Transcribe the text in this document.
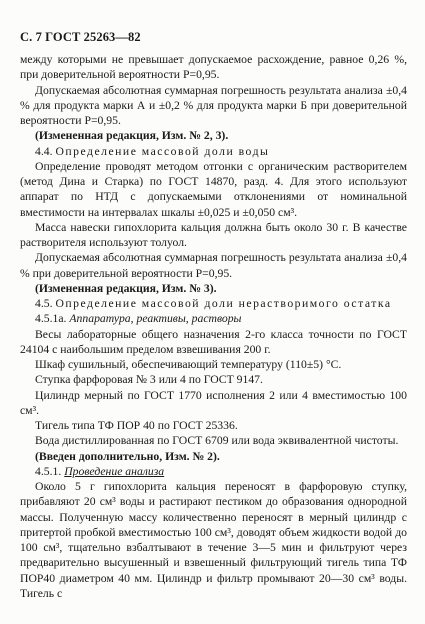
С. 7 ГОСТ 25263—82

между которыми не превышает допускаемое расхождение, равное 0,26 %, при доверительной вероятности Р=0,95.

Допускаемая абсолютная суммарная погрешность результата анализа ±0,4 % для продукта марки А и ±0,2 % для продукта марки Б при доверительной вероятности Р=0,95.

(Измененная редакция, Изм. № 2, 3).

4.4. Определение массовой доли воды

Определение проводят методом отгонки с органическим растворителем (метод Дина и Старка) по ГОСТ 14870, разд. 4. Для этого используют аппарат по НТД с допускаемыми отклонениями от номинальной вместимости на интервалах шкалы ±0,025 и ±0,050 см³.

Масса навески гипохлорита кальция должна быть около 30 г. В качестве растворителя используют толуол.

Допускаемая абсолютная суммарная погрешность результата анализа ±0,4 % при доверительной вероятности Р=0,95.

(Измененная редакция, Изм. № 3).

4.5. Определение массовой доли нерастворимого остатка

4.5.1а. Аппаратура, реактивы, растворы

Весы лабораторные общего назначения 2-го класса точности по ГОСТ 24104 с наибольшим пределом взвешивания 200 г.

Шкаф сушильный, обеспечивающий температуру (110±5) °С.

Ступка фарфоровая № 3 или 4 по ГОСТ 9147.

Цилиндр мерный по ГОСТ 1770 исполнения 2 или 4 вместимостью 100 см³.

Тигель типа ТФ ПОР 40 по ГОСТ 25336.

Вода дистиллированная по ГОСТ 6709 или вода эквивалентной чистоты.

(Введен дополнительно, Изм. № 2).

4.5.1. Проведение анализа

Около 5 г гипохлорита кальция переносят в фарфоровую ступку, прибавляют 20 см³ воды и растирают пестиком до образования однородной массы. Полученную массу количественно переносят в мерный цилиндр с притертой пробкой вместимостью 100 см³, доводят объем жидкости водой до 100 см³, тщательно взбалтывают в течение 3—5 мин и фильтруют через предварительно высушенный и взвешенный фильтрующий тигель типа ТФ ПОР40 диаметром 40 мм. Цилиндр и фильтр промывают 20—30 см³ воды. Тигель с
